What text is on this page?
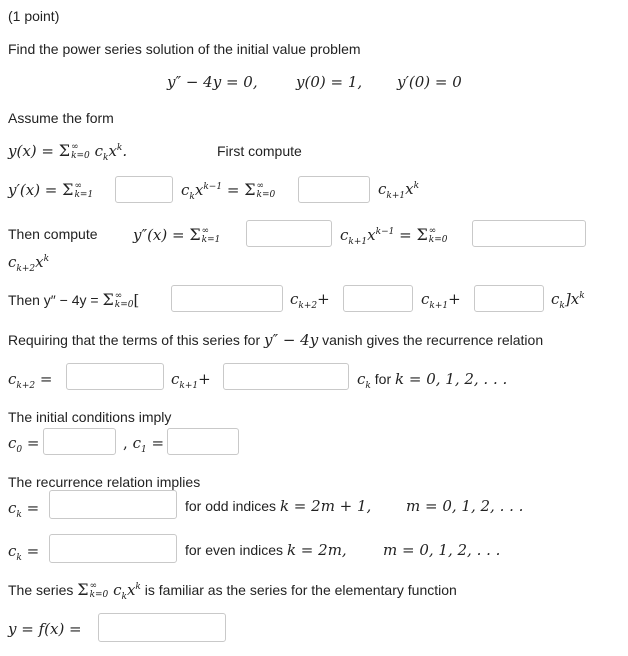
(1 point)
Find the power series solution of the initial value problem
y″ − 4y = 0,	y(0) = 1, y′(0) = 0
Assume the form
y(x) = Σ ∞
k=0 $c_kx^k$.	First compute
y′(x) = Σ ∞
k=1	$c_kx^{k-1} = \Sigma$ ∞
k=0	$c_{k+1}x^k$
Then compute y″(x) = Σ ∞
k=1	$c_{k+1}x^{k-1} = \Sigma$ ∞
k=0
$c_{k+2}x^k$
Then y″ − 4y = Σ ∞
k=0 [	$c_{k+2}+$	$c_{k+1}+$	$c_k]x^k$
Requiring that the terms of this series for y″ − 4y vanish gives the recurrence relation
$c_{k+2}$ =	$c_{k+1}+$	$c_k$ for k = 0, 1, 2, . . .
The initial conditions imply
$c_0$ =	, $c_1$ =
The recurrence relation implies
$c_k$ =	for odd indices k = 2m + 1, m = 0, 1, 2, . . .
$c_k$ =	for even indices k = 2m, m = 0, 1, 2, . . .
The series Σ ∞
k=0 $c_kx^k$ is familiar as the series for the elementary function
y = f(x) =
